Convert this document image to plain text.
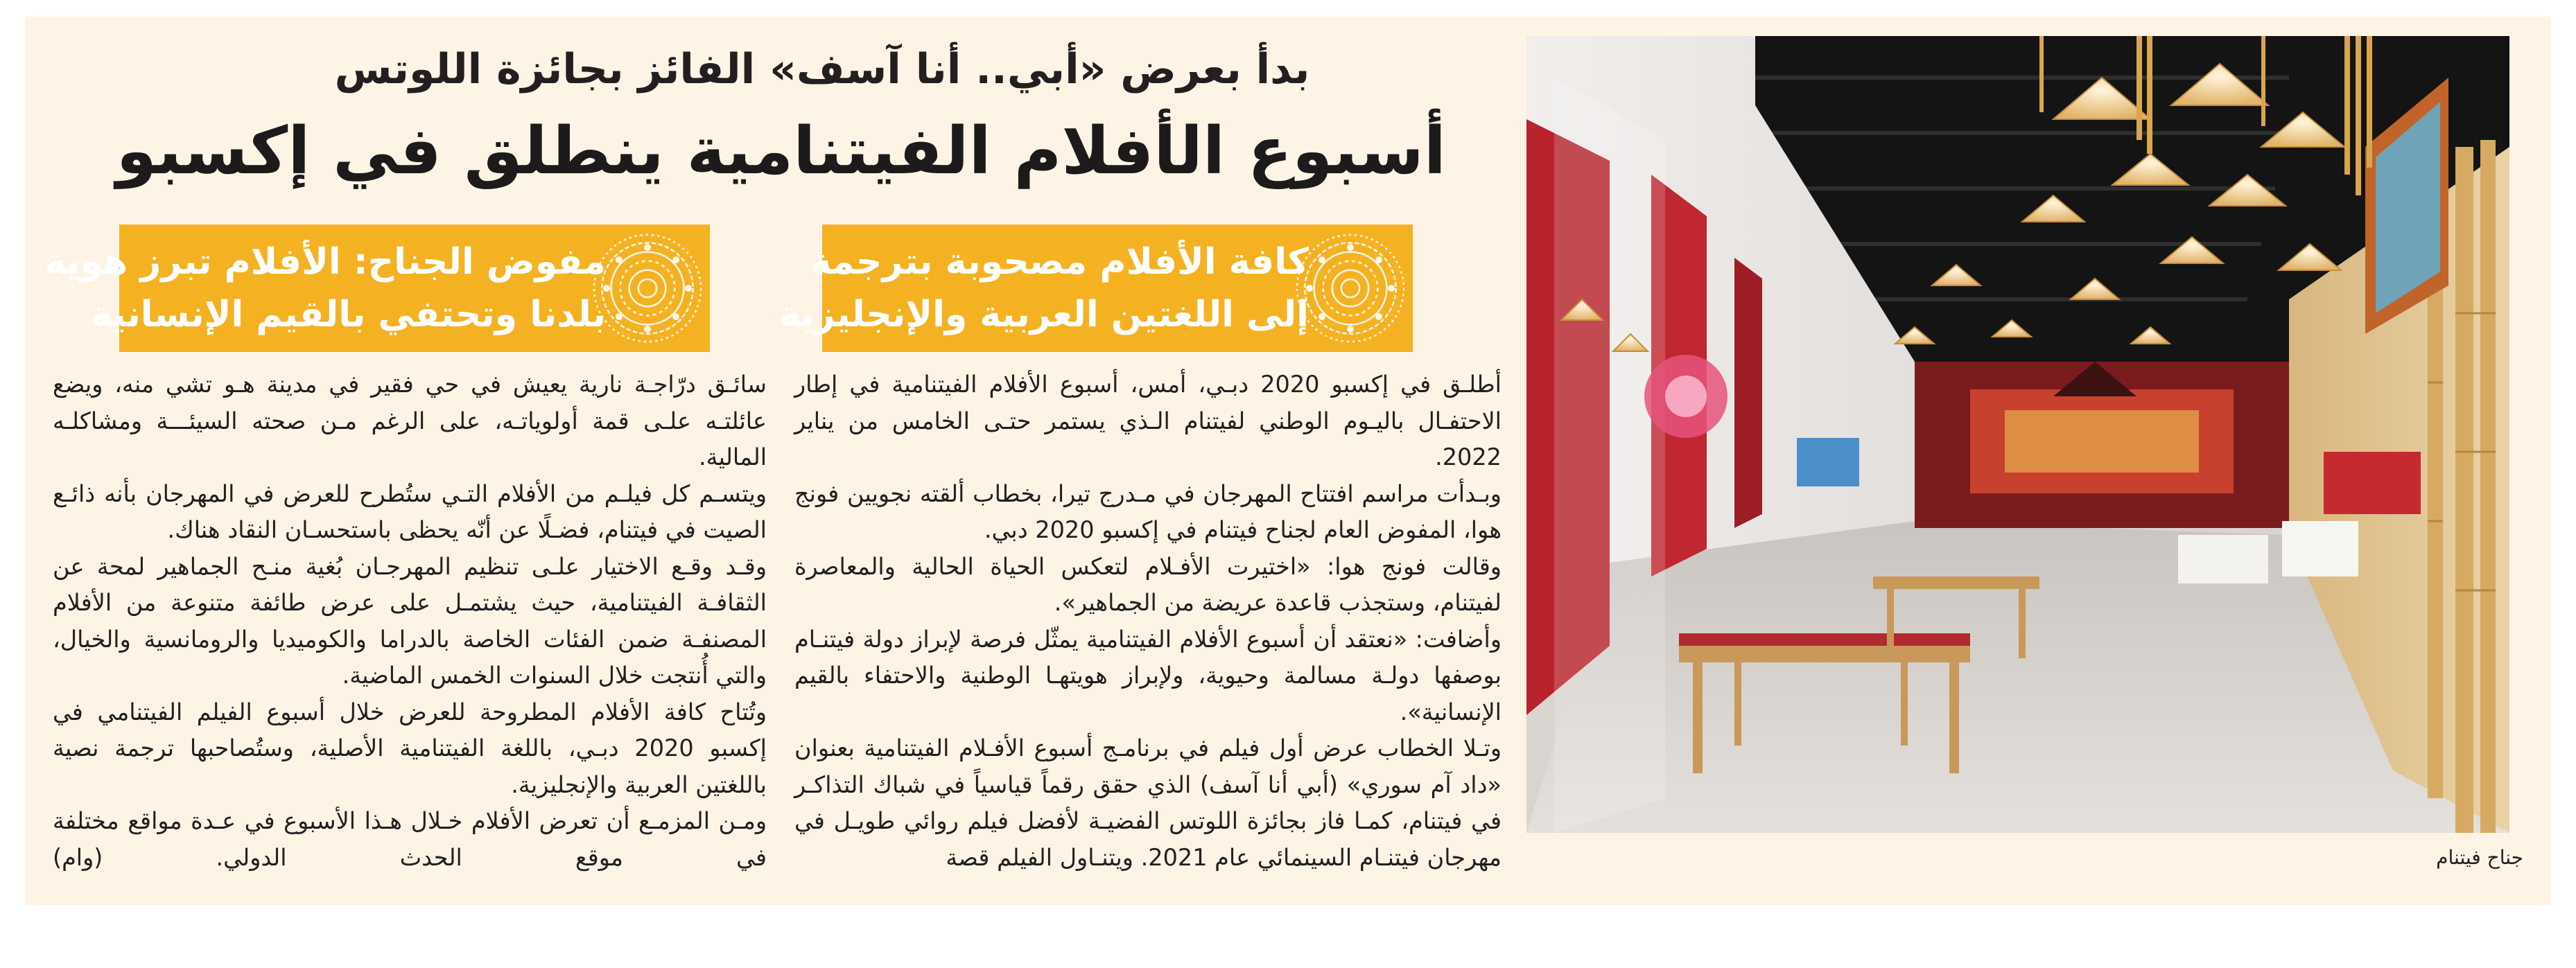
بدأ بعرض «أبي.. أنا آسف» الفائز بجائزة اللوتس
أسبوع الأفلام الفيتنامية ينطلق في إكسبو
كافة الأفلام مصحوبة بترجمة
إلى اللغتين العربية والإنجليزية
مفوض الجناح: الأفلام تبرز هوية
بلدنا وتحتفي بالقيم الإنسانية

أطلـق في إكسبو 2020 دبـي، أمس، أسبوع الأفلام الفيتنامية في إطار الاحتفـال باليـوم الوطني لفيتنام الـذي يستمر حتـى الخامس من يناير 2022.

وبـدأت مراسم افتتاح المهرجان في مـدرج تيرا، بخطاب ألقته نجويين فونج هوا، المفوض العام لجناح فيتنام في إكسبو 2020 دبي.

وقالت فونج هوا: «اختيرت الأفـلام لتعكس الحياة الحالية والمعاصرة لفيتنام، وستجذب قاعدة عريضة من الجماهير».

وأضافت: «نعتقد أن أسبوع الأفلام الفيتنامية يمثّل فرصة لإبراز دولة فيتنـام بوصفها دولـة مسالمة وحيوية، ولإبراز هويتهـا الوطنية والاحتفاء بالقيم الإنسانية».

وتـلا الخطاب عرض أول فيلم في برنامـج أسبوع الأفـلام الفيتنامية بعنوان «داد آم سوري» (أبي أنا آسف) الذي حقق رقماً قياسياً في شباك التذاكـر في فيتنام، كمـا فاز بجائزة اللوتس الفضيـة لأفضل فيلم روائي طويـل في مهرجان فيتنـام السينمائي عام 2021. ويتنـاول الفيلم قصة

سائـق درّاجـة نارية يعيش في حي فقير في مدينة هـو تشي منه، ويضع عائلتـه علـى قمة أولوياتـه، على الرغم مـن صحته السيئـــة ومشاكلـه المالية.

ويتسـم كل فيلـم من الأفلام التـي ستُطرح للعرض في المهرجان بأنه ذائـع الصيت في فيتنام، فضـلًا عن أنّه يحظى باستحسـان النقاد هناك.

وقـد وقـع الاختيار علـى تنظيم المهرجـان بُغية منـح الجماهير لمحة عن الثقافـة الفيتنامية، حيث يشتمـل على عرض طائفة متنوعة من الأفلام المصنفـة ضمن الفئات الخاصة بالدراما والكوميديا والرومانسية والخيال، والتي أُنتجت خلال السنوات الخمس الماضية.

وتُتاح كافة الأفلام المطروحة للعرض خلال أسبوع الفيلم الفيتنامي في إكسبو 2020 دبـي، باللغة الفيتنامية الأصلية، وستُصاحبها ترجمة نصية باللغتين العربية والإنجليزية.

ومـن المزمـع أن تعرض الأفلام خـلال هـذا الأسبوع في عـدة مواقع مختلفة في موقع الحدث الدولي. (وام)	جناح فيتنام
